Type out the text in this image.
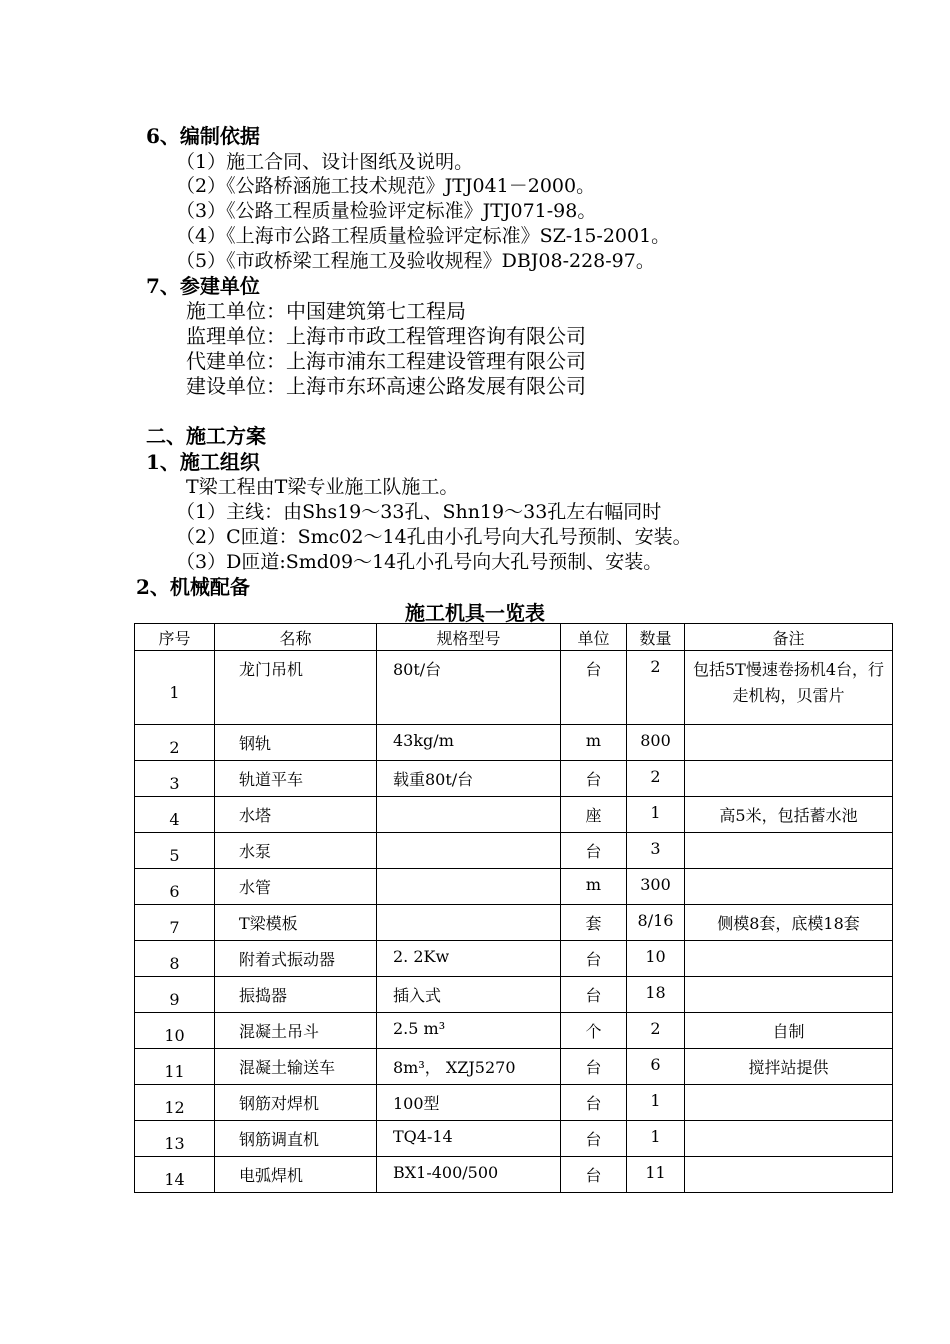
6、编制依据
（1）施工合同、设计图纸及说明。
（2）《公路桥涵施工技术规范》JTJ041－2000。
（3）《公路工程质量检验评定标准》JTJ071-98。
（4）《上海市公路工程质量检验评定标准》SZ-15-2001。
（5）《市政桥梁工程施工及验收规程》DBJ08-228-97。
7、参建单位
施工单位：中国建筑第七工程局
监理单位：上海市市政工程管理咨询有限公司
代建单位：上海市浦东工程建设管理有限公司
建设单位：上海市东环高速公路发展有限公司
二、施工方案
1、施工组织
T梁工程由T梁专业施工队施工。
（1）主线：由Shs19～33孔、Shn19～33孔左右幅同时
（2）C匝道：Smc02～14孔由小孔号向大孔号预制、安装。
（3）D匝道:Smd09～14孔小孔号向大孔号预制、安装。
2、机械配备
施工机具一览表
序号	名称	规格型号	单位	数量	备注
1	龙门吊机	80t/台	台	2	包括5T慢速卷扬机4台，行走机构，贝雷片
2	钢轨	43kg/m	m	800	
3	轨道平车	载重80t/台	台	2	
4	水塔		座	1	高5米，包括蓄水池
5	水泵		台	3	
6	水管		m	300	
7	T梁模板		套	8/16	侧模8套，底模18套
8	附着式振动器	2. 2Kw	台	10	
9	振捣器	插入式	台	18	
10	混凝土吊斗	2.5 m³	个	2	自制
11	混凝土输送车	8m³， XZJ5270	台	6	搅拌站提供
12	钢筋对焊机	100型	台	1	
13	钢筋调直机	TQ4-14	台	1	
14	电弧焊机	BX1-400/500	台	11	
